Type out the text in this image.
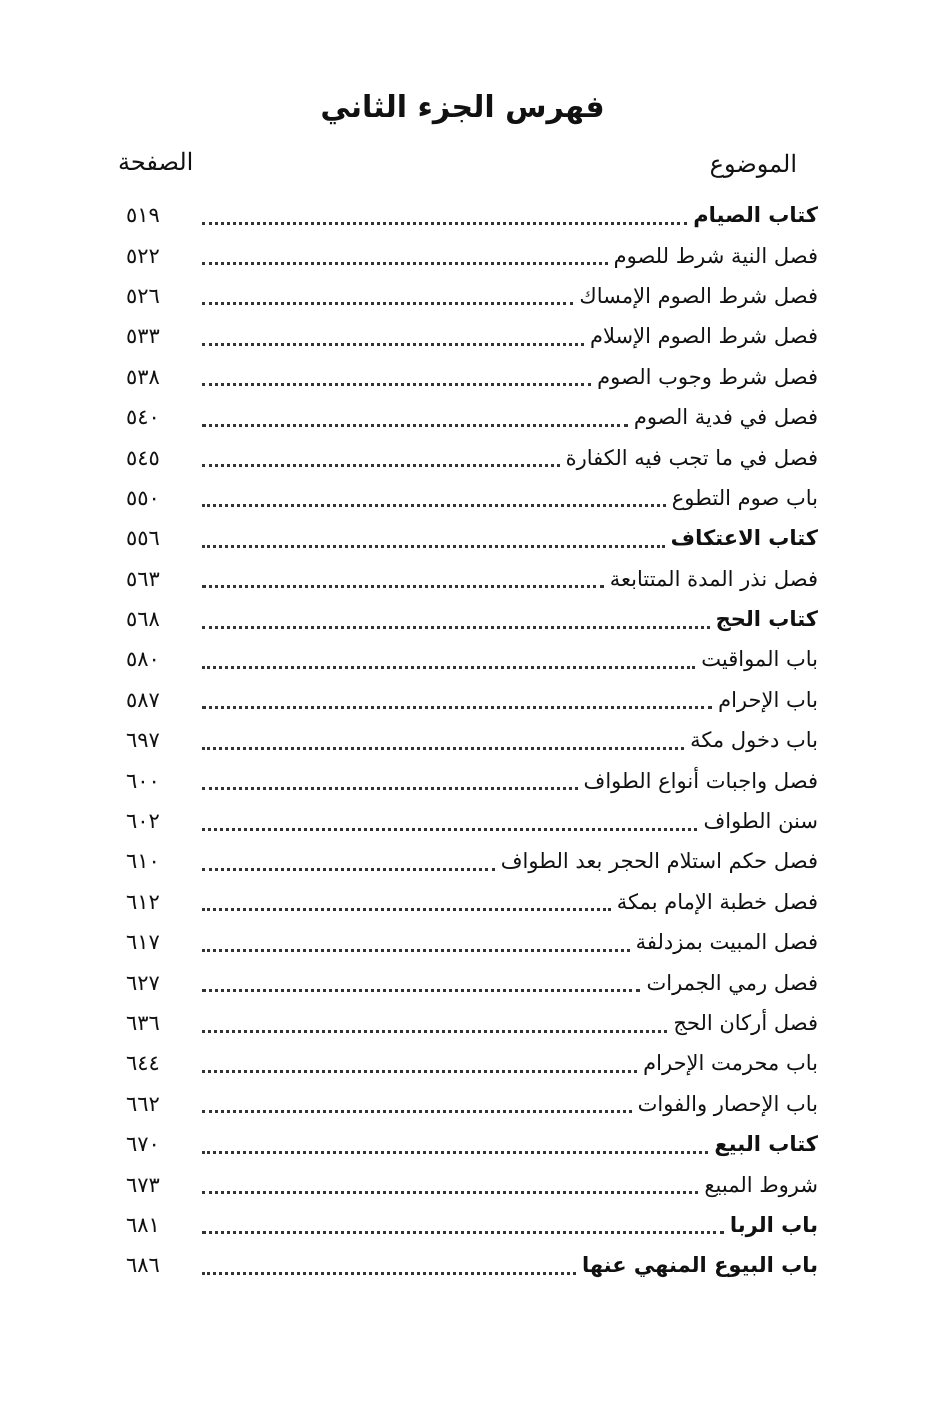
فهرس الجزء الثاني
الموضوع
الصفحة
٥١٩	كتاب الصيام
٥٢٢	فصل النية شرط للصوم
٥٢٦	فصل شرط الصوم الإمساك
٥٣٣	فصل شرط الصوم الإسلام
٥٣٨	فصل شرط وجوب الصوم
٥٤٠	فصل في فدية الصوم
٥٤٥	فصل في ما تجب فيه الكفارة
٥٥٠	باب صوم التطوع
٥٥٦	كتاب الاعتكاف
٥٦٣	فصل نذر المدة المتتابعة
٥٦٨	كتاب الحج
٥٨٠	باب المواقيت
٥٨٧	باب الإحرام
٦٩٧	باب دخول مكة
٦٠٠	فصل واجبات أنواع الطواف
٦٠٢	سنن الطواف
٦١٠	فصل حكم استلام الحجر بعد الطواف
٦١٢	فصل خطبة الإمام بمكة
٦١٧	فصل المبيت بمزدلفة
٦٢٧	فصل رمي الجمرات
٦٣٦	فصل أركان الحج
٦٤٤	باب محرمت الإحرام
٦٦٢	باب الإحصار والفوات
٦٧٠	كتاب البيع
٦٧٣	شروط المبيع
٦٨١	باب الربا
٦٨٦	باب البيوع المنهي عنها
